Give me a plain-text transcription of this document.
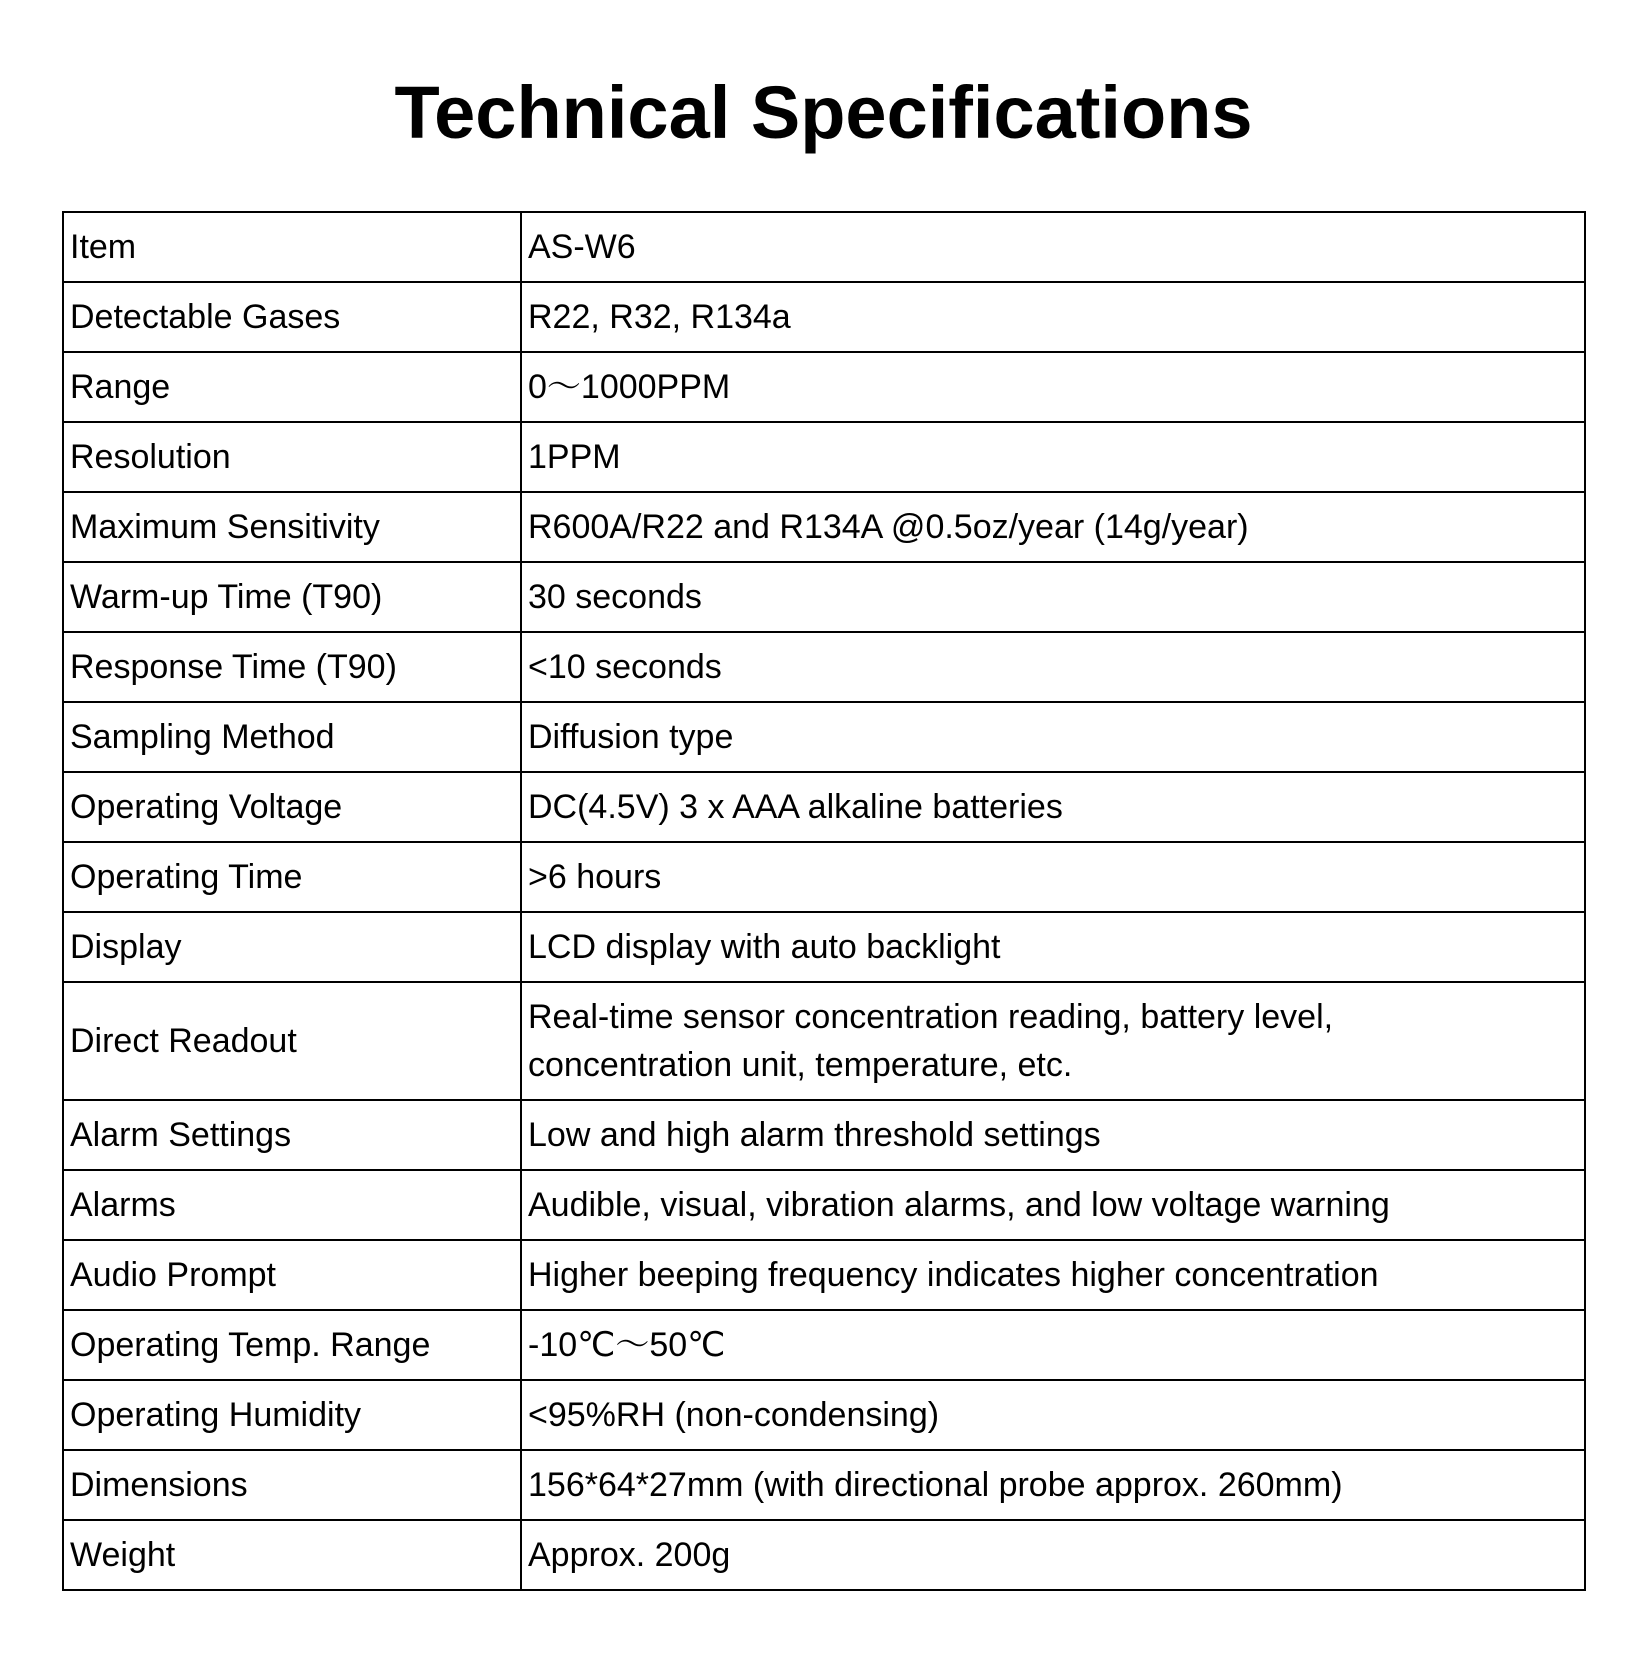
Technical Specifications
Item	AS-W6
Detectable Gases	R22, R32, R134a
Range	0～1000PPM
Resolution	1PPM
Maximum Sensitivity	R600A/R22 and R134A @0.5oz/year (14g/year)
Warm-up Time (T90)	30 seconds
Response Time (T90)	<10 seconds
Sampling Method	Diffusion type
Operating Voltage	DC(4.5V) 3 x AAA alkaline batteries
Operating Time	>6 hours
Display	LCD display with auto backlight
Direct Readout	Real-time sensor concentration reading, battery level,
concentration unit, temperature, etc.

Alarm Settings	Low and high alarm threshold settings
Alarms	Audible, visual, vibration alarms, and low voltage warning
Audio Prompt	Higher beeping frequency indicates higher concentration
Operating Temp. Range	-10℃～50℃
Operating Humidity	<95%RH (non-condensing)
Dimensions	156*64*27mm (with directional probe approx. 260mm)
Weight	Approx. 200g
